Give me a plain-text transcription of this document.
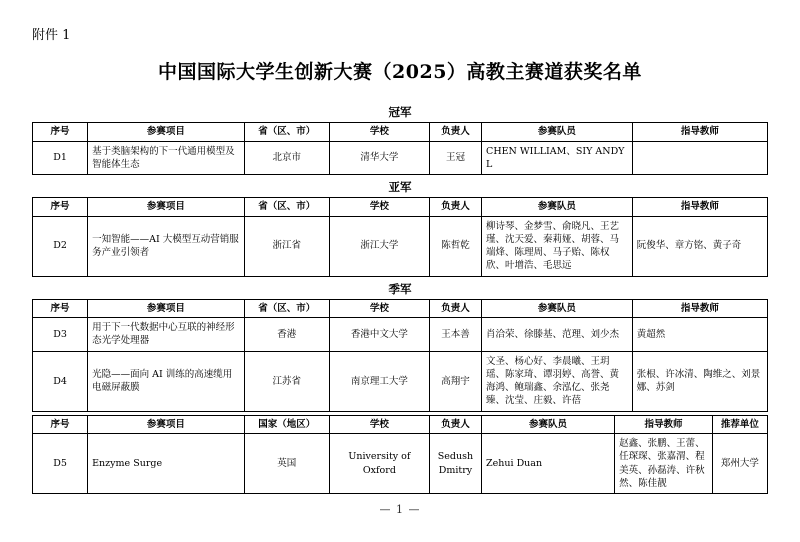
附件 1
中国国际大学生创新大赛（2025）高教主赛道获奖名单
冠军
序号	参赛项目	省（区、市）	学校	负责人	参赛队员	指导教师
D1	基于类脑架构的下一代通用模型及智能体生态	北京市	清华大学	王冠	CHEN WILLIAM、SIY ANDY L	
亚军
序号	参赛项目	省（区、市）	学校	负责人	参赛队员	指导教师
D2	一知智能——AI 大模型互动营销服务产业引领者	浙江省	浙江大学	陈哲乾	柳诗琴、金梦雪、俞晓凡、王艺瑾、沈天爱、秦莉娅、胡蓉、马端烽、陈理周、马子贻、陈权欣、叶增浩、毛思远	阮俊华、章方铭、黄子奇
季军
序号	参赛项目	省（区、市）	学校	负责人	参赛队员	指导教师
D3	用于下一代数据中心互联的神经形态光学处理器	香港	香港中文大学	王本善	肖洽荣、徐滕基、范理、刘少杰	黄超然
D4	光隐——面向 AI 训练的高速缆用电磁屏蔽膜	江苏省	南京理工大学	高翔宇	文圣、杨心好、李晨曦、王玥瑶、陈家琦、谭羽婷、高誉、黄海鸿、鲍瑞鑫、余泓亿、张尧臻、沈莹、庄毅、许蓓	张根、许冰清、陶维之、刘景娜、苏剑
序号	参赛项目	国家（地区）	学校	负责人	参赛队员	指导教师	推荐单位
D5	Enzyme Surge	英国	University of Oxford	Sedush Dmitry	Zehui Duan	赵鑫、张鹏、王蕾、任琛琛、张嘉渭、程美英、孙磊涛、许秋然、陈佳靓	郑州大学
— 1 —
